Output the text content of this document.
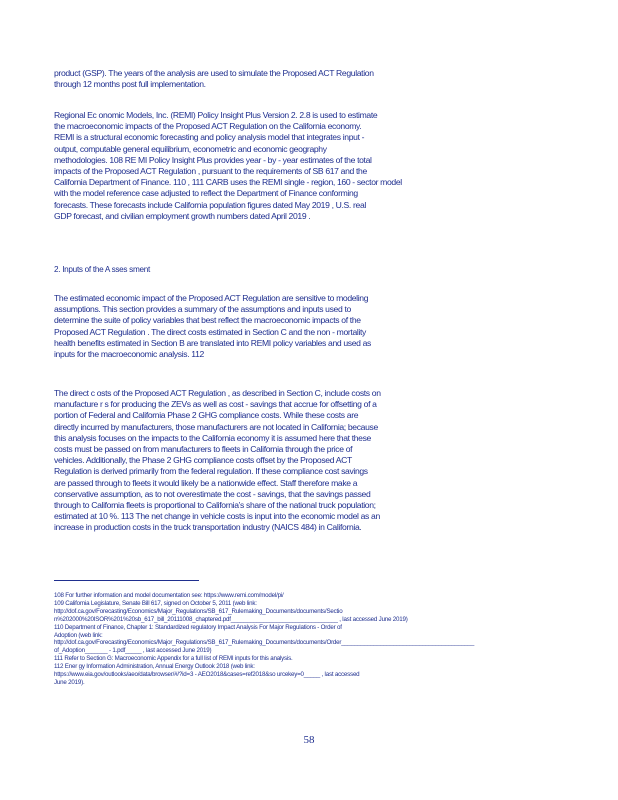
product (GSP). The years of the analysis are used to simulate the Proposed ACT Regulation

through 12 months post full implementation.

Regional Ec onomic Models, Inc. (REMI) Policy Insight Plus Version 2. 2.8 is used to estimate

the macroeconomic impacts of the Proposed ACT Regulation on the California economy.

REMI is a structural economic forecasting and policy analysis model that integrates input -

output, computable general equilibrium, econometric and economic geography

methodologies. 108 RE MI Policy Insight Plus provides year - by - year estimates of the total

impacts of the Proposed ACT Regulation , pursuant to the requirements of SB 617 and the

California Department of Finance. 110 , 111 CARB uses the REMI single - region, 160 - sector model

with the model reference case adjusted to reflect the Department of Finance conforming

forecasts. These forecasts include California population figures dated May 2019 , U.S. real

GDP forecast, and civilian employment growth numbers dated April 2019 .

2. Inputs of the A sses sment

The estimated economic impact of the Proposed ACT Regulation are sensitive to modeling

assumptions. This section provides a summary of the assumptions and inputs used to

determine the suite of policy variables that best reflect the macroeconomic impacts of the

Proposed ACT Regulation . The direct costs estimated in Section C and the non - mortality

health benefits estimated in Section B are translated into REMI policy variables and used as

inputs for the macroeconomic analysis. 112

The direct c osts of the Proposed ACT Regulation , as described in Section C, include costs on

manufacture r s for producing the ZEVs as well as cost - savings that accrue for offsetting of a

portion of Federal and California Phase 2 GHG compliance costs. While these costs are

directly incurred by manufacturers, those manufacturers are not located in California; because

this analysis focuses on the impacts to the California economy it is assumed here that these

costs must be passed on from manufacturers to fleets in California through the price of

vehicles. Additionally, the Phase 2 GHG compliance costs offset by the Proposed ACT

Regulation is derived primarily from the federal regulation. If these compliance cost savings

are passed through to fleets it would likely be a nationwide effect. Staff therefore make a

conservative assumption, as to not overestimate the cost - savings, that the savings passed

through to California fleets is proportional to California’s share of the national truck population;

estimated at 10 %. 113 The net change in vehicle costs is input into the economic model as an

increase in production costs in the truck transportation industry (NAICS 484) in California.

108 For further information and model documentation see: https://www.remi.com/model/pi/

109 California Legislature, Senate Bill 617, signed on October 5, 2011 (web link:

http://dof.ca.gov/Forecasting/Economics/Major_Regulations/SB_617_Rulemaking_Documents/documents/Sectio

n%202000%20ISOR%201%20sb_617_bill_20111008_chaptered.pdf_________________________________ , last accessed June 2019)

110 Department of Finance, Chapter 1: Standardized regulatory Impact Analysis For Major Regulations - Order of

Adoption (web link:

http://dof.ca.gov/Forecasting/Economics/Major_Regulations/SB_617_Rulemaking_Documents/documents/Order_________________________________________

of_Adoption_______ - 1.pdf_____ , last accessed June 2019)

111 Refer to Section G: Macroeconomic Appendix for a full list of REMI inputs for this analysis.

112 Ener gy Information Administration, Annual Energy Outlook 2018 (web link:

https://www.eia.gov/outlooks/aeo/data/browser/#/?id=3 - AEO2018&cases=ref2018&so urcekey=0_____ , last accessed

June 2019).

58
